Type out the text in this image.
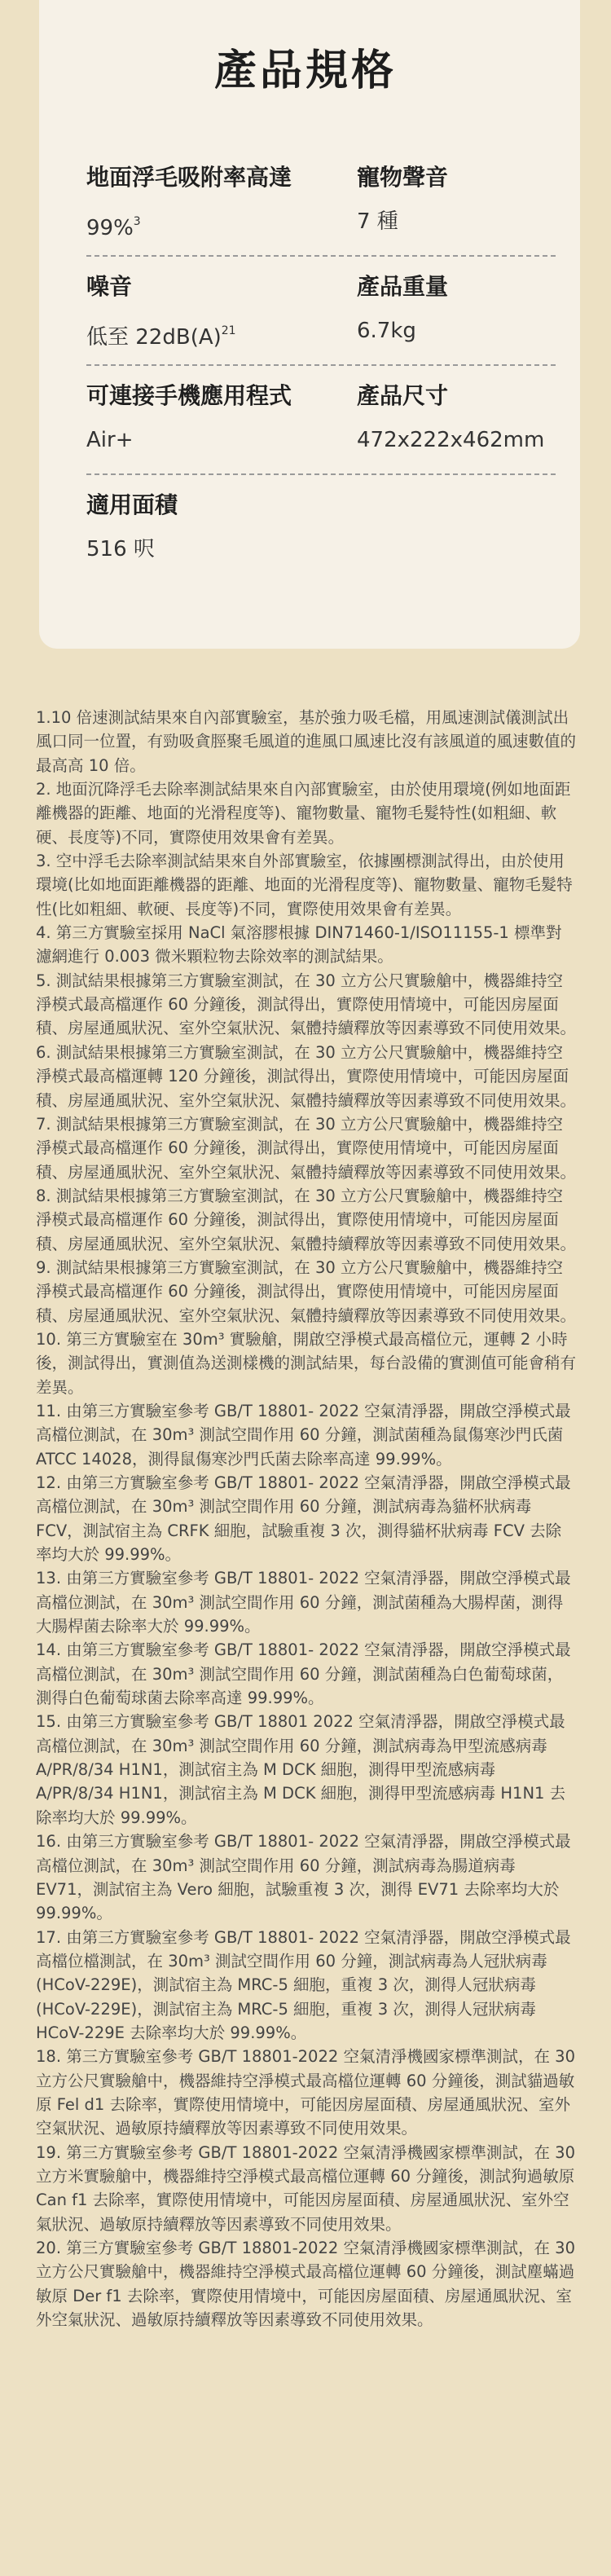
產品規格
地面浮毛吸附率高達
99%$^3$
寵物聲音
7 種
噪音
低至 $22dB(A)^{21}$
產品重量
6.7kg
可連接手機應用程式
Air+
產品尺寸
472x222x462mm
適用面積
516 呎
1.10 倍速測試結果來自內部實驗室，基於強力吸毛檔，用風速測試儀測試出風口同一位置，有勁吸貪脛聚毛風道的進風口風速比沒有該風道的風速數值的最高高 10 倍。
2. 地面沉降浮毛去除率測試結果來自內部實驗室，由於使用環境(例如地面距離機器的距離、地面的光滑程度等)、寵物數量、寵物毛髮特性(如粗細、軟硬、長度等)不同，實際使用效果會有差異。
3. 空中浮毛去除率測試結果來自外部實驗室，依據團標測試得出，由於使用環境(比如地面距離機器的距離、地面的光滑程度等)、寵物數量、寵物毛髮特性(比如粗細、軟硬、長度等)不同，實際使用效果會有差異。
4. 第三方實驗室採用 NaCl 氣溶膠根據 DIN71460-1/ISO11155-1 標準對濾網進行 0.003 微米顆粒物去除效率的測試結果。
5. 測試結果根據第三方實驗室測試，在 30 立方公尺實驗艙中，機器維持空淨模式最高檔運作 60 分鐘後，測試得出，實際使用情境中，可能因房屋面積、房屋通風狀況、室外空氣狀況、氣體持續釋放等因素導致不同使用效果。
6. 測試結果根據第三方實驗室測試，在 30 立方公尺實驗艙中，機器維持空淨模式最高檔運轉 120 分鐘後，測試得出，實際使用情境中，可能因房屋面積、房屋通風狀況、室外空氣狀況、氣體持續釋放等因素導致不同使用效果。
7. 測試結果根據第三方實驗室測試，在 30 立方公尺實驗艙中，機器維持空淨模式最高檔運作 60 分鐘後，測試得出，實際使用情境中，可能因房屋面積、房屋通風狀況、室外空氣狀況、氣體持續釋放等因素導致不同使用效果。
8. 測試結果根據第三方實驗室測試，在 30 立方公尺實驗艙中，機器維持空淨模式最高檔運作 60 分鐘後，測試得出，實際使用情境中，可能因房屋面積、房屋通風狀況、室外空氣狀況、氣體持續釋放等因素導致不同使用效果。
9. 測試結果根據第三方實驗室測試，在 30 立方公尺實驗艙中，機器維持空淨模式最高檔運作 60 分鐘後，測試得出，實際使用情境中，可能因房屋面積、房屋通風狀況、室外空氣狀況、氣體持續釋放等因素導致不同使用效果。
10. 第三方實驗室在 30m³ 實驗艙，開啟空淨模式最高檔位元，運轉 2 小時後，測試得出，實測值為送測樣機的測試結果，每台設備的實測值可能會稍有差異。
11. 由第三方實驗室參考 GB/T 18801- 2022 空氣清淨器，開啟空淨模式最高檔位測試，在 30m³ 測試空間作用 60 分鐘，測試菌種為鼠傷寒沙門氏菌 ATCC 14028，測得鼠傷寒沙門氏菌去除率高達 99.99%。
12. 由第三方實驗室參考 GB/T 18801- 2022 空氣清淨器，開啟空淨模式最高檔位測試，在 30m³ 測試空間作用 60 分鐘，測試病毒為貓杯狀病毒 FCV，測試宿主為 CRFK 細胞，試驗重複 3 次，測得貓杯狀病毒 FCV 去除率均大於 99.99%。
13. 由第三方實驗室參考 GB/T 18801- 2022 空氣清淨器，開啟空淨模式最高檔位測試，在 30m³ 測試空間作用 60 分鐘，測試菌種為大腸桿菌，測得大腸桿菌去除率大於 99.99%。
14. 由第三方實驗室參考 GB/T 18801- 2022 空氣清淨器，開啟空淨模式最高檔位測試，在 30m³ 測試空間作用 60 分鐘，測試菌種為白色葡萄球菌，測得白色葡萄球菌去除率高達 99.99%。
15. 由第三方實驗室參考 GB/T 18801 2022 空氣清淨器，開啟空淨模式最高檔位測試，在 30m³ 測試空間作用 60 分鐘，測試病毒為甲型流感病毒 A/PR/8/34 H1N1，測試宿主為 M DCK 細胞，測得甲型流感病毒 A/PR/8/34 H1N1，測試宿主為 M DCK 細胞，測得甲型流感病毒 H1N1 去除率均大於 99.99%。
16. 由第三方實驗室參考 GB/T 18801- 2022 空氣清淨器，開啟空淨模式最高檔位測試，在 30m³ 測試空間作用 60 分鐘，測試病毒為腸道病毒 EV71，測試宿主為 Vero 細胞，試驗重複 3 次，測得 EV71 去除率均大於 99.99%。
17. 由第三方實驗室參考 GB/T 18801- 2022 空氣清淨器，開啟空淨模式最高檔位檔測試，在 30m³ 測試空間作用 60 分鐘，測試病毒為人冠狀病毒(HCoV-229E)，測試宿主為 MRC-5 細胞，重複 3 次，測得人冠狀病毒(HCoV-229E)，測試宿主為 MRC-5 細胞，重複 3 次，測得人冠狀病毒 HCoV-229E 去除率均大於 99.99%。
18. 第三方實驗室參考 GB/T 18801-2022 空氣清淨機國家標準測試，在 30 立方公尺實驗艙中，機器維持空淨模式最高檔位運轉 60 分鐘後，測試貓過敏原 Fel d1 去除率，實際使用情境中，可能因房屋面積、房屋通風狀況、室外空氣狀況、過敏原持續釋放等因素導致不同使用效果。
19. 第三方實驗室參考 GB/T 18801-2022 空氣清淨機國家標準測試，在 30 立方米實驗艙中，機器維持空淨模式最高檔位運轉 60 分鐘後，測試狗過敏原 Can f1 去除率，實際使用情境中，可能因房屋面積、房屋通風狀況、室外空氣狀況、過敏原持續釋放等因素導致不同使用效果。
20. 第三方實驗室參考 GB/T 18801-2022 空氣清淨機國家標準測試，在 30 立方公尺實驗艙中，機器維持空淨模式最高檔位運轉 60 分鐘後，測試塵蟎過敏原 Der f1 去除率，實際使用情境中，可能因房屋面積、房屋通風狀況、室外空氣狀況、過敏原持續釋放等因素導致不同使用效果。
